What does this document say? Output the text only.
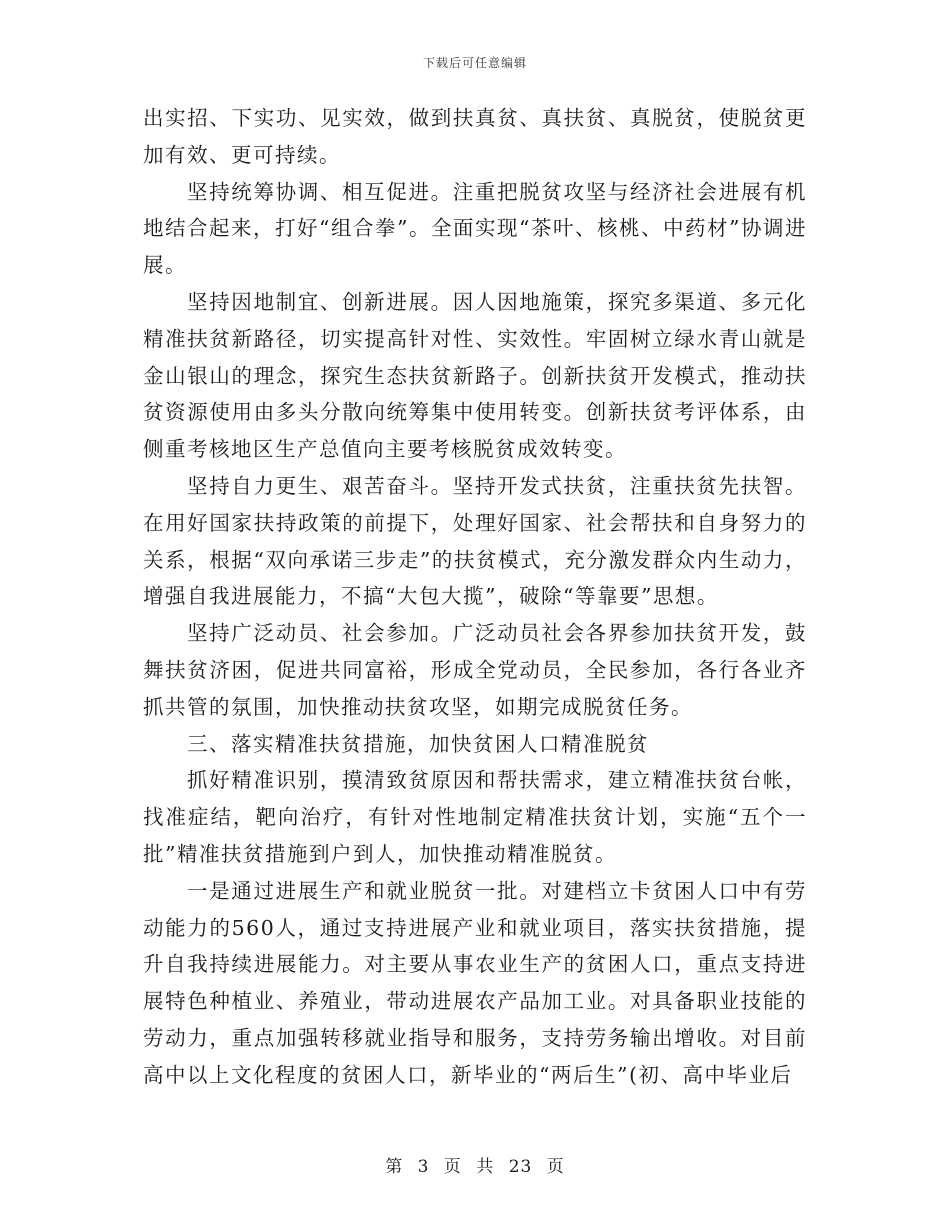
下载后可任意编辑

出实招、下实功、见实效，做到扶真贫、真扶贫、真脱贫，使脱贫更加有效、更可持续。

坚持统筹协调、相互促进。注重把脱贫攻坚与经济社会进展有机地结合起来，打好“组合拳”。全面实现“茶叶、核桃、中药材”协调进展。

坚持因地制宜、创新进展。因人因地施策，探究多渠道、多元化精准扶贫新路径，切实提高针对性、实效性。牢固树立绿水青山就是金山银山的理念，探究生态扶贫新路子。创新扶贫开发模式，推动扶贫资源使用由多头分散向统筹集中使用转变。创新扶贫考评体系，由侧重考核地区生产总值向主要考核脱贫成效转变。

坚持自力更生、艰苦奋斗。坚持开发式扶贫，注重扶贫先扶智。在用好国家扶持政策的前提下，处理好国家、社会帮扶和自身努力的关系，根据“双向承诺三步走”的扶贫模式，充分激发群众内生动力，增强自我进展能力，不搞“大包大揽”，破除“等靠要”思想。

坚持广泛动员、社会参加。广泛动员社会各界参加扶贫开发，鼓舞扶贫济困，促进共同富裕，形成全党动员，全民参加，各行各业齐抓共管的氛围，加快推动扶贫攻坚，如期完成脱贫任务。

三、落实精准扶贫措施，加快贫困人口精准脱贫

抓好精准识别，摸清致贫原因和帮扶需求，建立精准扶贫台帐，找准症结，靶向治疗，有针对性地制定精准扶贫计划，实施“五个一批”精准扶贫措施到户到人，加快推动精准脱贫。

一是通过进展生产和就业脱贫一批。对建档立卡贫困人口中有劳动能力的560人，通过支持进展产业和就业项目，落实扶贫措施，提升自我持续进展能力。对主要从事农业生产的贫困人口，重点支持进展特色种植业、养殖业，带动进展农产品加工业。对具备职业技能的劳动力，重点加强转移就业指导和服务，支持劳务输出增收。对目前高中以上文化程度的贫困人口，新毕业的“两后生”(初、高中毕业后

第 3 页 共 23 页
